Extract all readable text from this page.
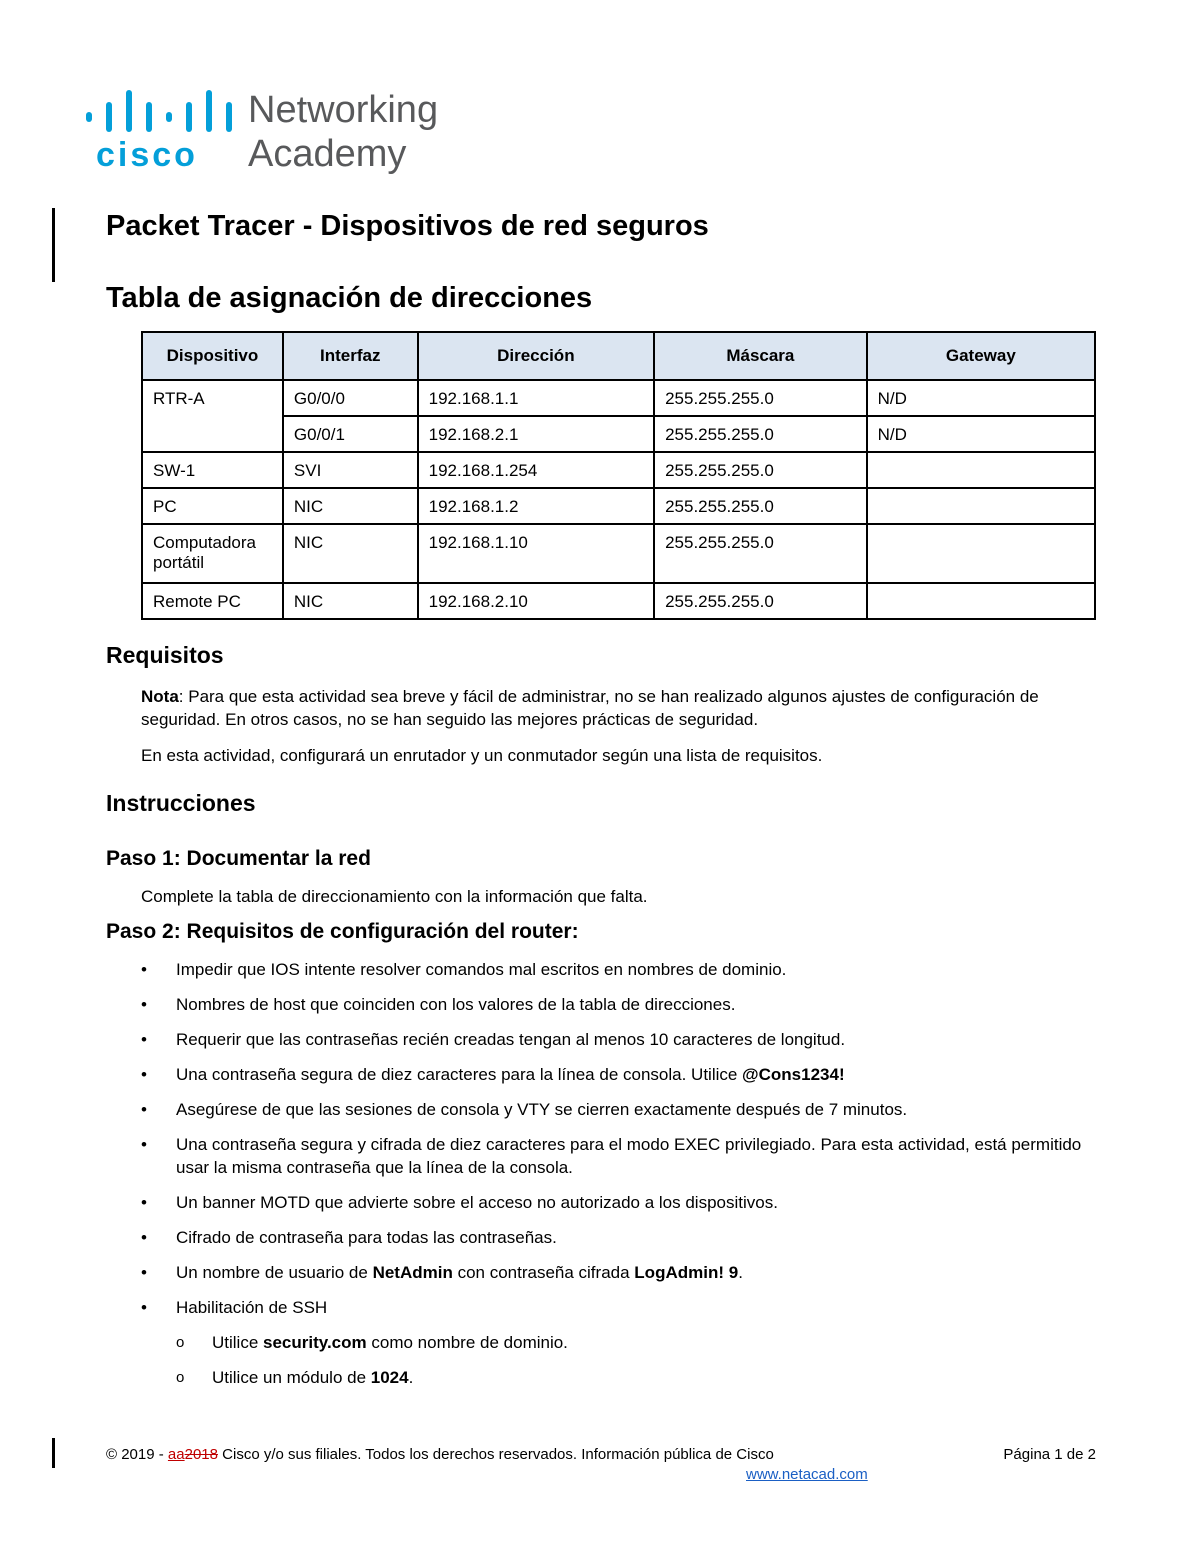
cisco
Networking
Academy
Packet Tracer - Dispositivos de red seguros
Tabla de asignación de direcciones
Dispositivo	Interfaz	Dirección	Máscara	Gateway
RTR-A	G0/0/0	192.168.1.1	255.255.255.0	N/D
	G0/0/1	192.168.2.1	255.255.255.0	N/D
SW-1	SVI	192.168.1.254	255.255.255.0	
PC	NIC	192.168.1.2	255.255.255.0	
Computadora portátil	NIC	192.168.1.10	255.255.255.0	
Remote PC	NIC	192.168.2.10	255.255.255.0	
Requisitos

Nota: Para que esta actividad sea breve y fácil de administrar, no se han realizado algunos ajustes de configuración de seguridad. En otros casos, no se han seguido las mejores prácticas de seguridad.

En esta actividad, configurará un enrutador y un conmutador según una lista de requisitos.

Instrucciones
Paso 1: Documentar la red

Complete la tabla de direccionamiento con la información que falta.

Paso 2: Requisitos de configuración del router:
• Impedir que IOS intente resolver comandos mal escritos en nombres de dominio.
• Nombres de host que coinciden con los valores de la tabla de direcciones.
• Requerir que las contraseñas recién creadas tengan al menos 10 caracteres de longitud.
• Una contraseña segura de diez caracteres para la línea de consola. Utilice @Cons1234!
• Asegúrese de que las sesiones de consola y VTY se cierren exactamente después de 7 minutos.
• Una contraseña segura y cifrada de diez caracteres para el modo EXEC privilegiado. Para esta actividad, está permitido usar la misma contraseña que la línea de la consola.
• Un banner MOTD que advierte sobre el acceso no autorizado a los dispositivos.
• Cifrado de contraseña para todas las contraseñas.
• Un nombre de usuario de NetAdmin con contraseña cifrada LogAdmin! 9.
• Habilitación de SSH
o Utilice security.com como nombre de dominio.
o Utilice un módulo de 1024.
© 2019 - aa2018 Cisco y/o sus filiales. Todos los derechos reservados. Información pública de Cisco	Página 1 de 2
www.netacad.com
